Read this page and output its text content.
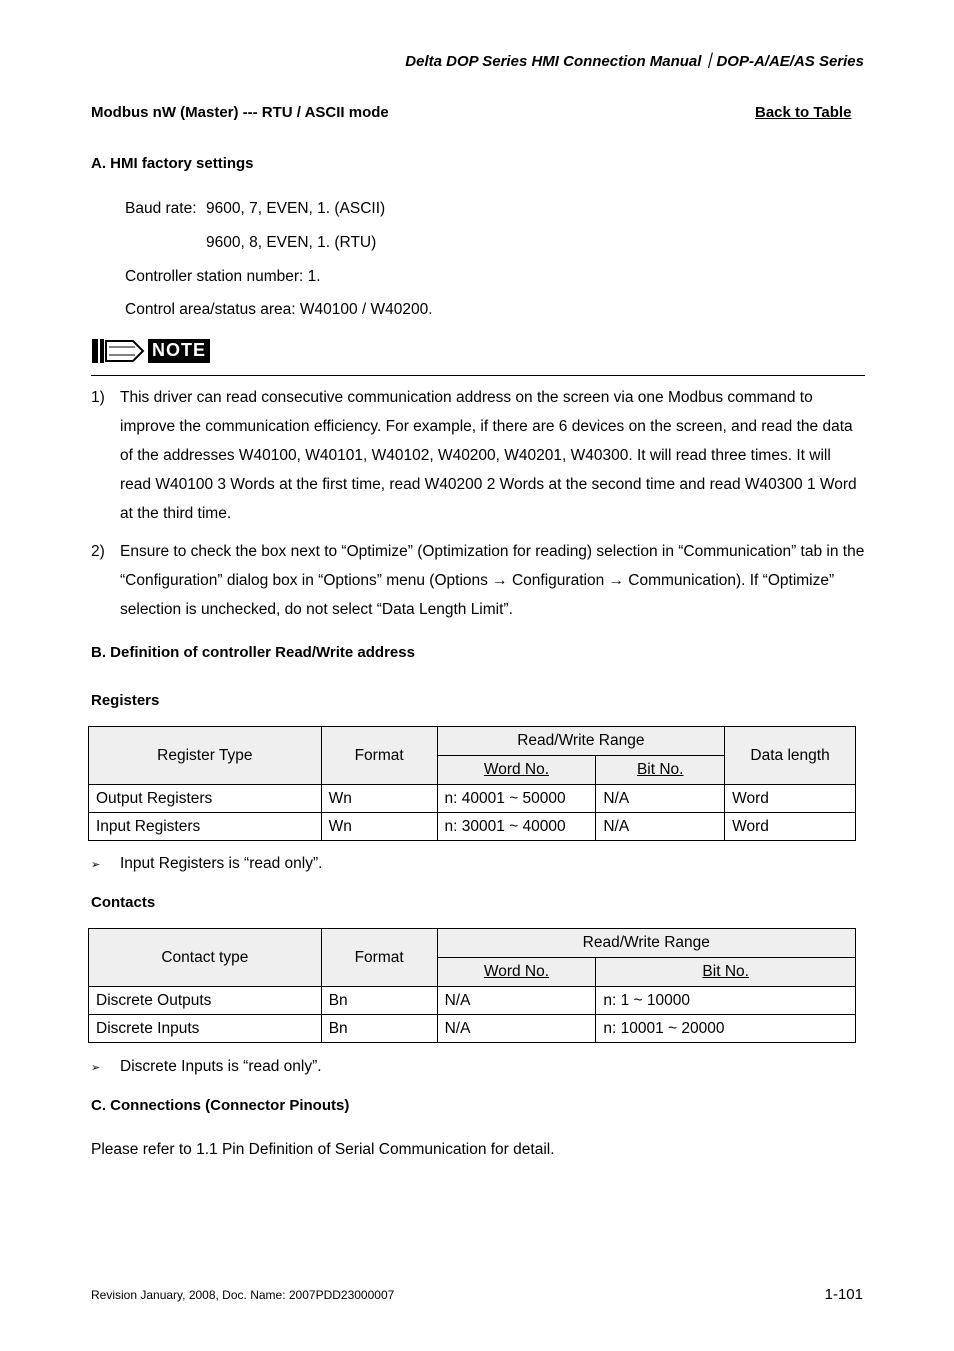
Delta DOP Series HMI Connection Manual｜DOP-A/AE/AS Series
Modbus nW (Master) --- RTU / ASCII mode	Back to Table
A. HMI factory settings
Baud rate: 9600, 7, EVEN, 1. (ASCII)
9600, 8, EVEN, 1. (RTU)
Controller station number: 1.
Control area/status area: W40100 / W40200.
NOTE
1) This driver can read consecutive communication address on the screen via one Modbus command to improve the communication efficiency. For example, if there are 6 devices on the screen, and read the data of the addresses W40100, W40101, W40102, W40200, W40201, W40300. It will read three times. It will read W40100 3 Words at the first time, read W40200 2 Words at the second time and read W40300 1 Word at the third time.
2) Ensure to check the box next to “Optimize” (Optimization for reading) selection in “Communication” tab in the “Configuration” dialog box in “Options” menu (Options → Configuration → Communication). If “Optimize” selection is unchecked, do not select “Data Length Limit”.
B. Definition of controller Read/Write address
Registers
Register Type	Format	Read/Write Range		Data length
		Word No.	Bit No.	
Output Registers	Wn	n: 40001 ~ 50000	N/A	Word
Input Registers	Wn	n: 30001 ~ 40000	N/A	Word
➢ Input Registers is “read only”.
Contacts
Contact type	Format	Read/Write Range	
		Word No.	Bit No.
Discrete Outputs	Bn	N/A	n: 1 ~ 10000
Discrete Inputs	Bn	N/A	n: 10001 ~ 20000
➢ Discrete Inputs is “read only”.
C. Connections (Connector Pinouts)
Please refer to 1.1 Pin Definition of Serial Communication for detail.
Revision January, 2008, Doc. Name: 2007PDD23000007	1-101
